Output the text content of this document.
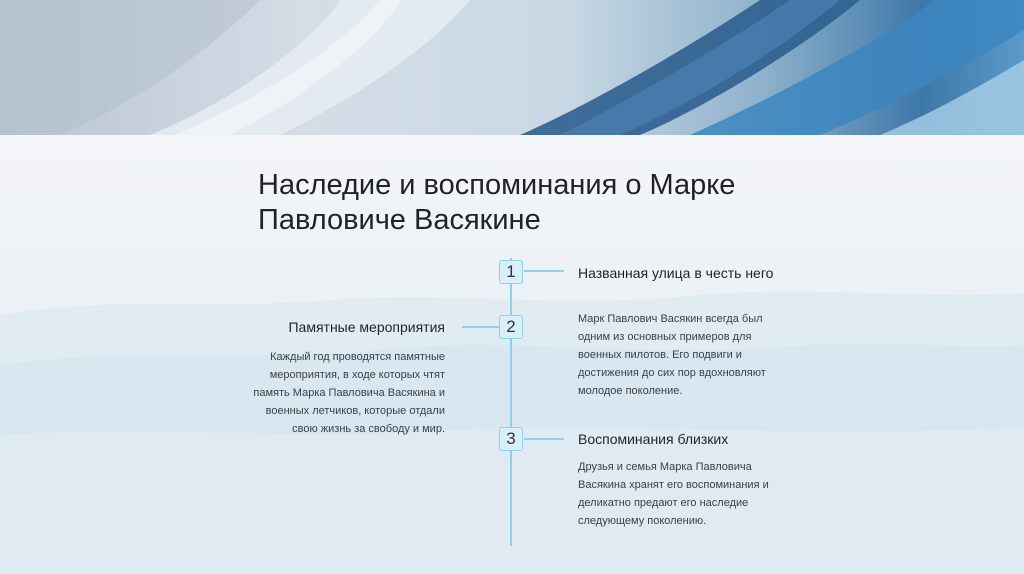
Наследие и воспоминания о Марке Павловиче Васякине
1	Названная улица в честь него
Марк Павлович Васякин всегда был одним из основных примеров для военных пилотов. Его подвиги и достижения до сих пор вдохновляют молодое поколение.
2
Памятные мероприятия
Каждый год проводятся памятные мероприятия, в ходе которых чтят память Марка Павловича Васякина и военных летчиков, которые отдали свою жизнь за свободу и мир.	3	Воспоминания близких
Друзья и семья Марка Павловича Васякина хранят его воспоминания и деликатно предают его наследие следующему поколению.
